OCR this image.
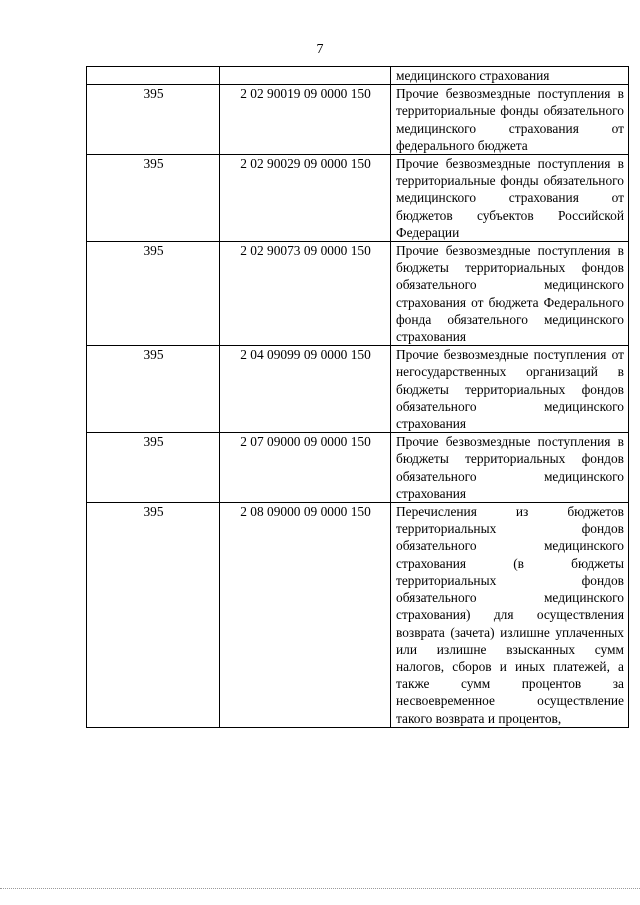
7
		медицинского страхования
395	2 02 90019 09 0000 150	Прочие безвозмездные поступления в территориальные фонды обязательного медицинского страхования от федерального бюджета
395	2 02 90029 09 0000 150	Прочие безвозмездные поступления в территориальные фонды обязательного медицинского страхования от бюджетов субъектов Российской Федерации
395	2 02 90073 09 0000 150	Прочие безвозмездные поступления в бюджеты территориальных фондов обязательного медицинского страхования от бюджета Федерального фонда обязательного медицинского страхования
395	2 04 09099 09 0000 150	Прочие безвозмездные поступления от негосударственных организаций в бюджеты территориальных фондов обязательного медицинского страхования
395	2 07 09000 09 0000 150	Прочие безвозмездные поступления в бюджеты территориальных фондов обязательного медицинского страхования
395	2 08 09000 09 0000 150	Перечисления из бюджетов территориальных фондов обязательного медицинского страхования (в бюджеты территориальных фондов обязательного медицинского страхования) для осуществления возврата (зачета) излишне уплаченных или излишне взысканных сумм налогов, сборов и иных платежей, а также сумм процентов за несвоевременное осуществление такого возврата и процентов,
